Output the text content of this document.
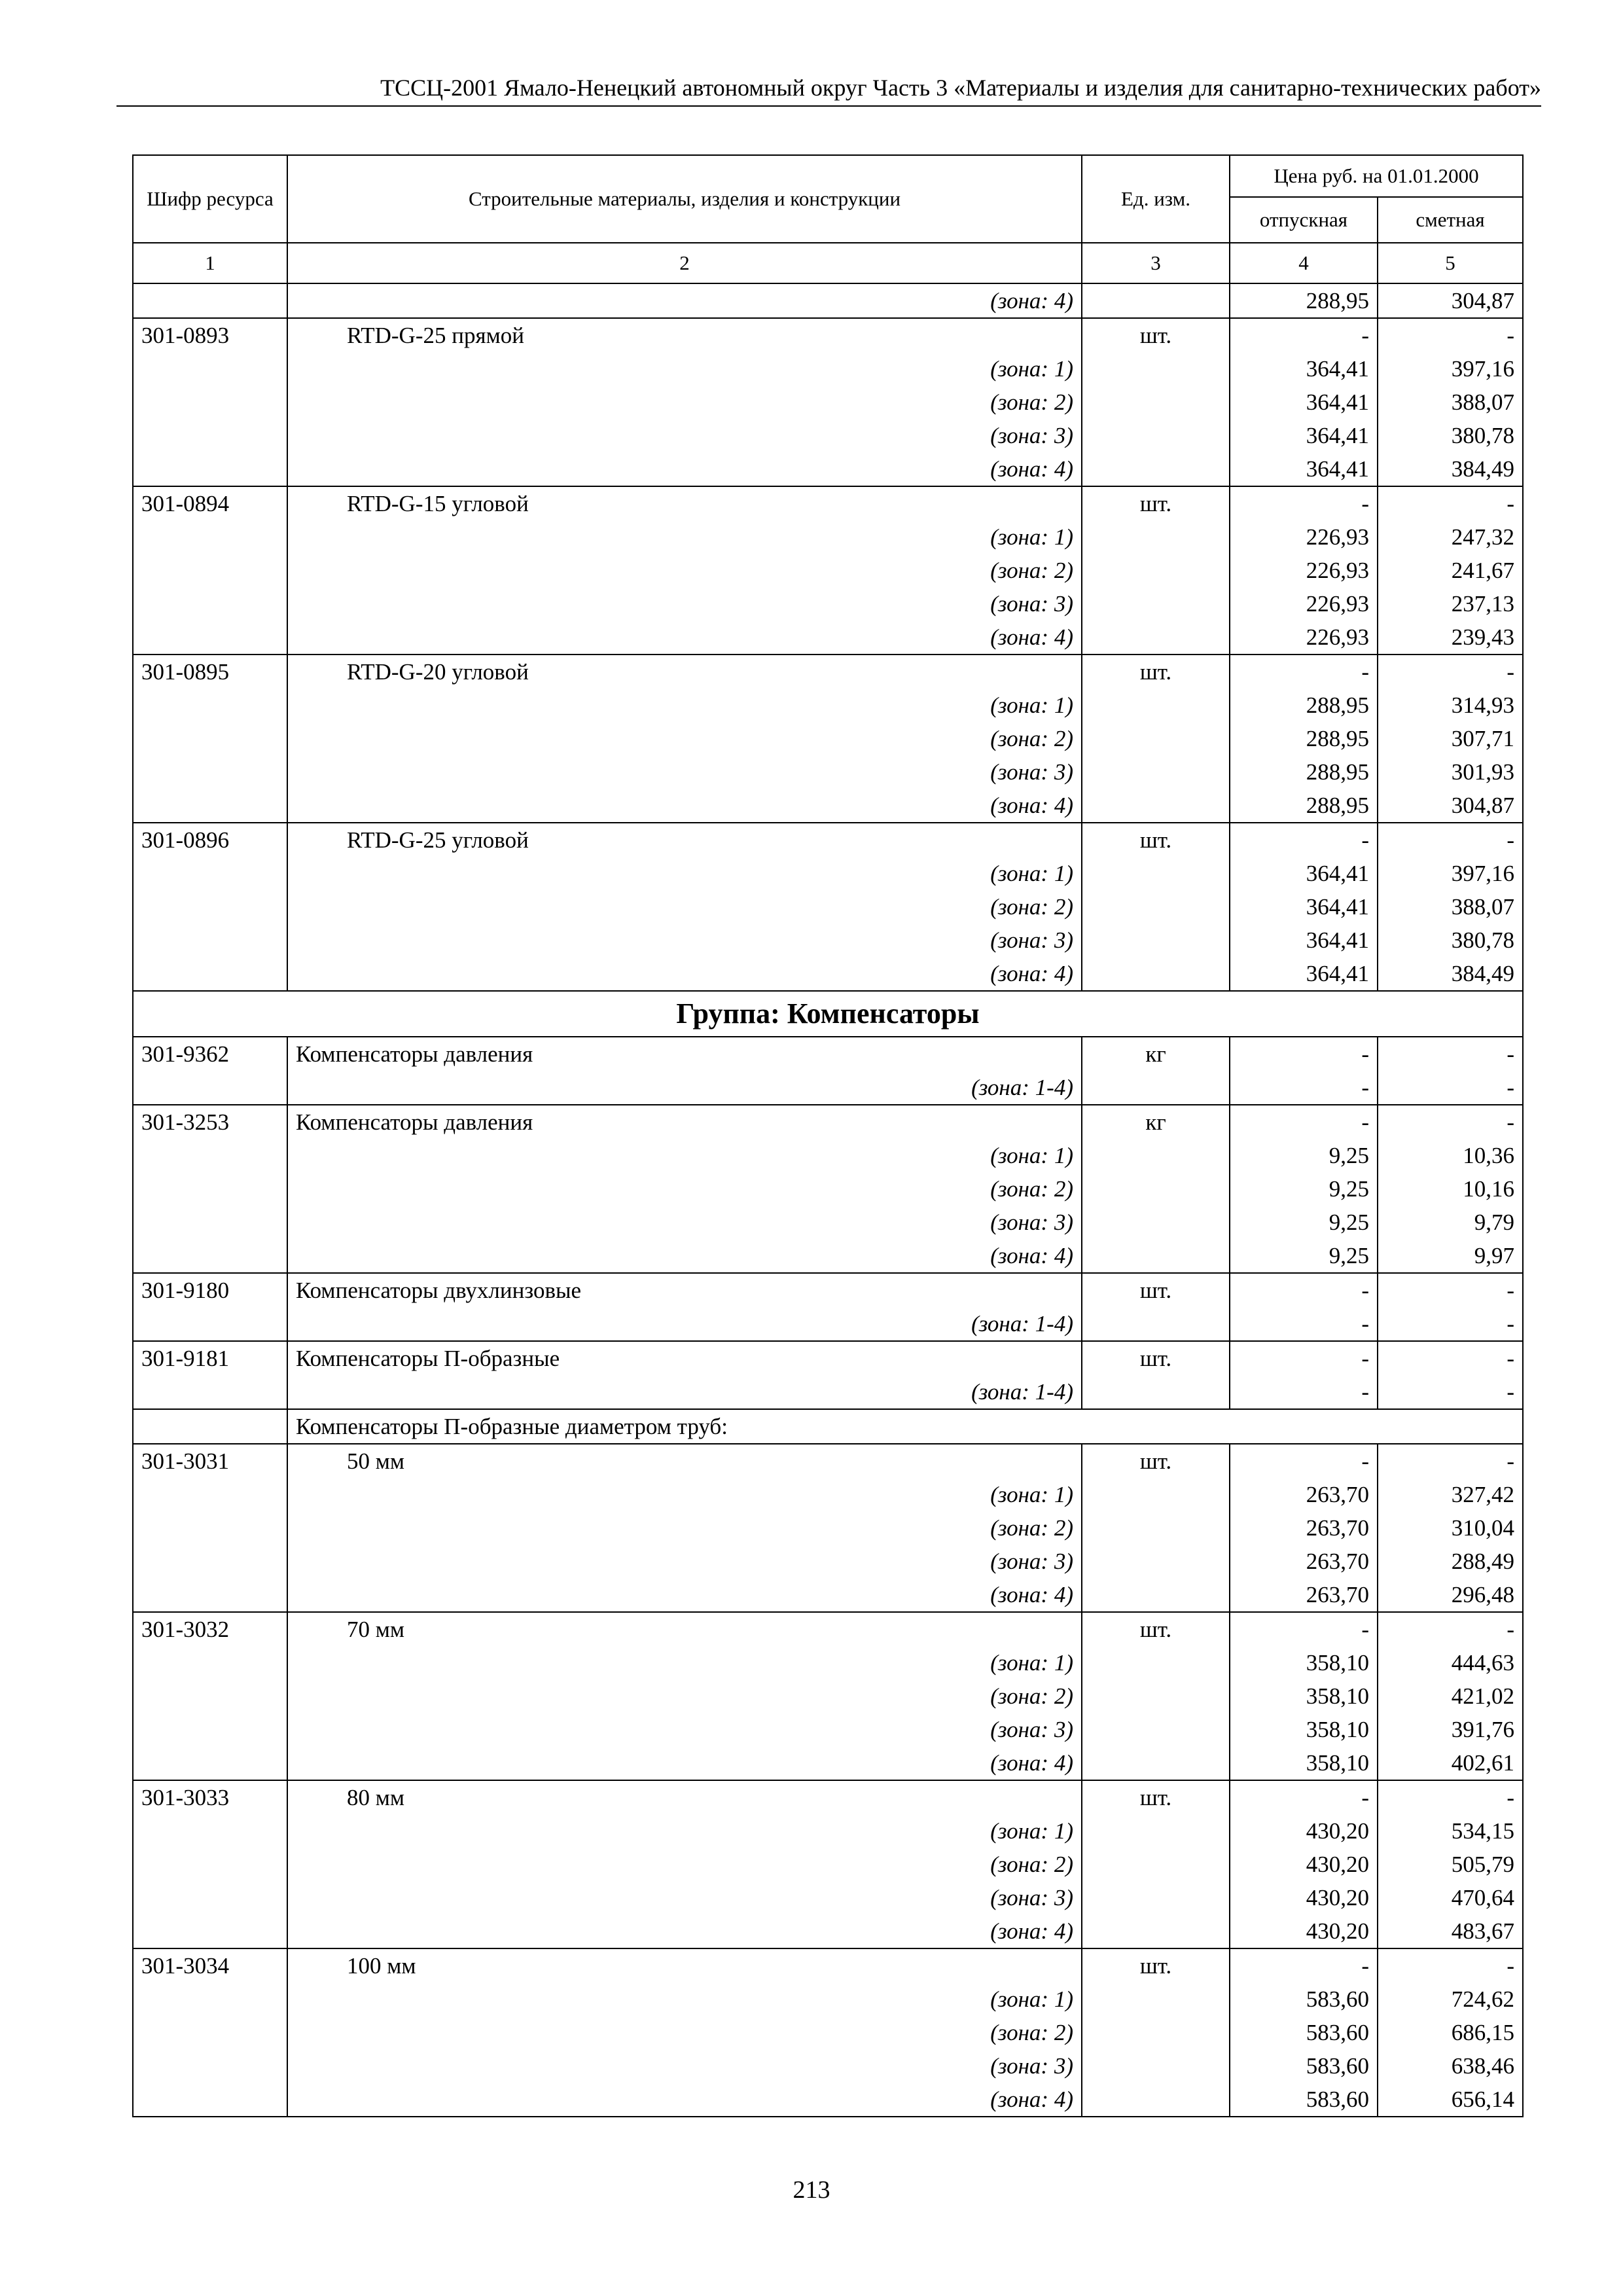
ТССЦ-2001 Ямало-Ненецкий автономный округ Часть 3 «Материалы и изделия для санитарно-технических работ»
Шифр ресурса	Строительные материалы, изделия и конструкции	Ед. изм.	Цена руб. на 01.01.2000	
			отпускная	сметная
1	2	3	4	5
	(зона: 4)		288,95	304,87
301-0893	RTD-G-25 прямой	шт.	-	-
	(зона: 1)		364,41	397,16
	(зона: 2)		364,41	388,07
	(зона: 3)		364,41	380,78
	(зона: 4)		364,41	384,49
301-0894	RTD-G-15 угловой	шт.	-	-
	(зона: 1)		226,93	247,32
	(зона: 2)		226,93	241,67
	(зона: 3)		226,93	237,13
	(зона: 4)		226,93	239,43
301-0895	RTD-G-20 угловой	шт.	-	-
	(зона: 1)		288,95	314,93
	(зона: 2)		288,95	307,71
	(зона: 3)		288,95	301,93
	(зона: 4)		288,95	304,87
301-0896	RTD-G-25 угловой	шт.	-	-
	(зона: 1)		364,41	397,16
	(зона: 2)		364,41	388,07
	(зона: 3)		364,41	380,78
	(зона: 4)		364,41	384,49
Группа: Компенсаторы				
301-9362	Компенсаторы давления	кг	-	-
	(зона: 1-4)		-	-
301-3253	Компенсаторы давления	кг	-	-
	(зона: 1)		9,25	10,36
	(зона: 2)		9,25	10,16
	(зона: 3)		9,25	9,79
	(зона: 4)		9,25	9,97
301-9180	Компенсаторы двухлинзовые	шт.	-	-
	(зона: 1-4)		-	-
301-9181	Компенсаторы П-образные	шт.	-	-
	(зона: 1-4)		-	-
	Компенсаторы П-образные диаметром труб:			
301-3031	50 мм	шт.	-	-
	(зона: 1)		263,70	327,42
	(зона: 2)		263,70	310,04
	(зона: 3)		263,70	288,49
	(зона: 4)		263,70	296,48
301-3032	70 мм	шт.	-	-
	(зона: 1)		358,10	444,63
	(зона: 2)		358,10	421,02
	(зона: 3)		358,10	391,76
	(зона: 4)		358,10	402,61
301-3033	80 мм	шт.	-	-
	(зона: 1)		430,20	534,15
	(зона: 2)		430,20	505,79
	(зона: 3)		430,20	470,64
	(зона: 4)		430,20	483,67
301-3034	100 мм	шт.	-	-
	(зона: 1)		583,60	724,62
	(зона: 2)		583,60	686,15
	(зона: 3)		583,60	638,46
	(зона: 4)		583,60	656,14
213
